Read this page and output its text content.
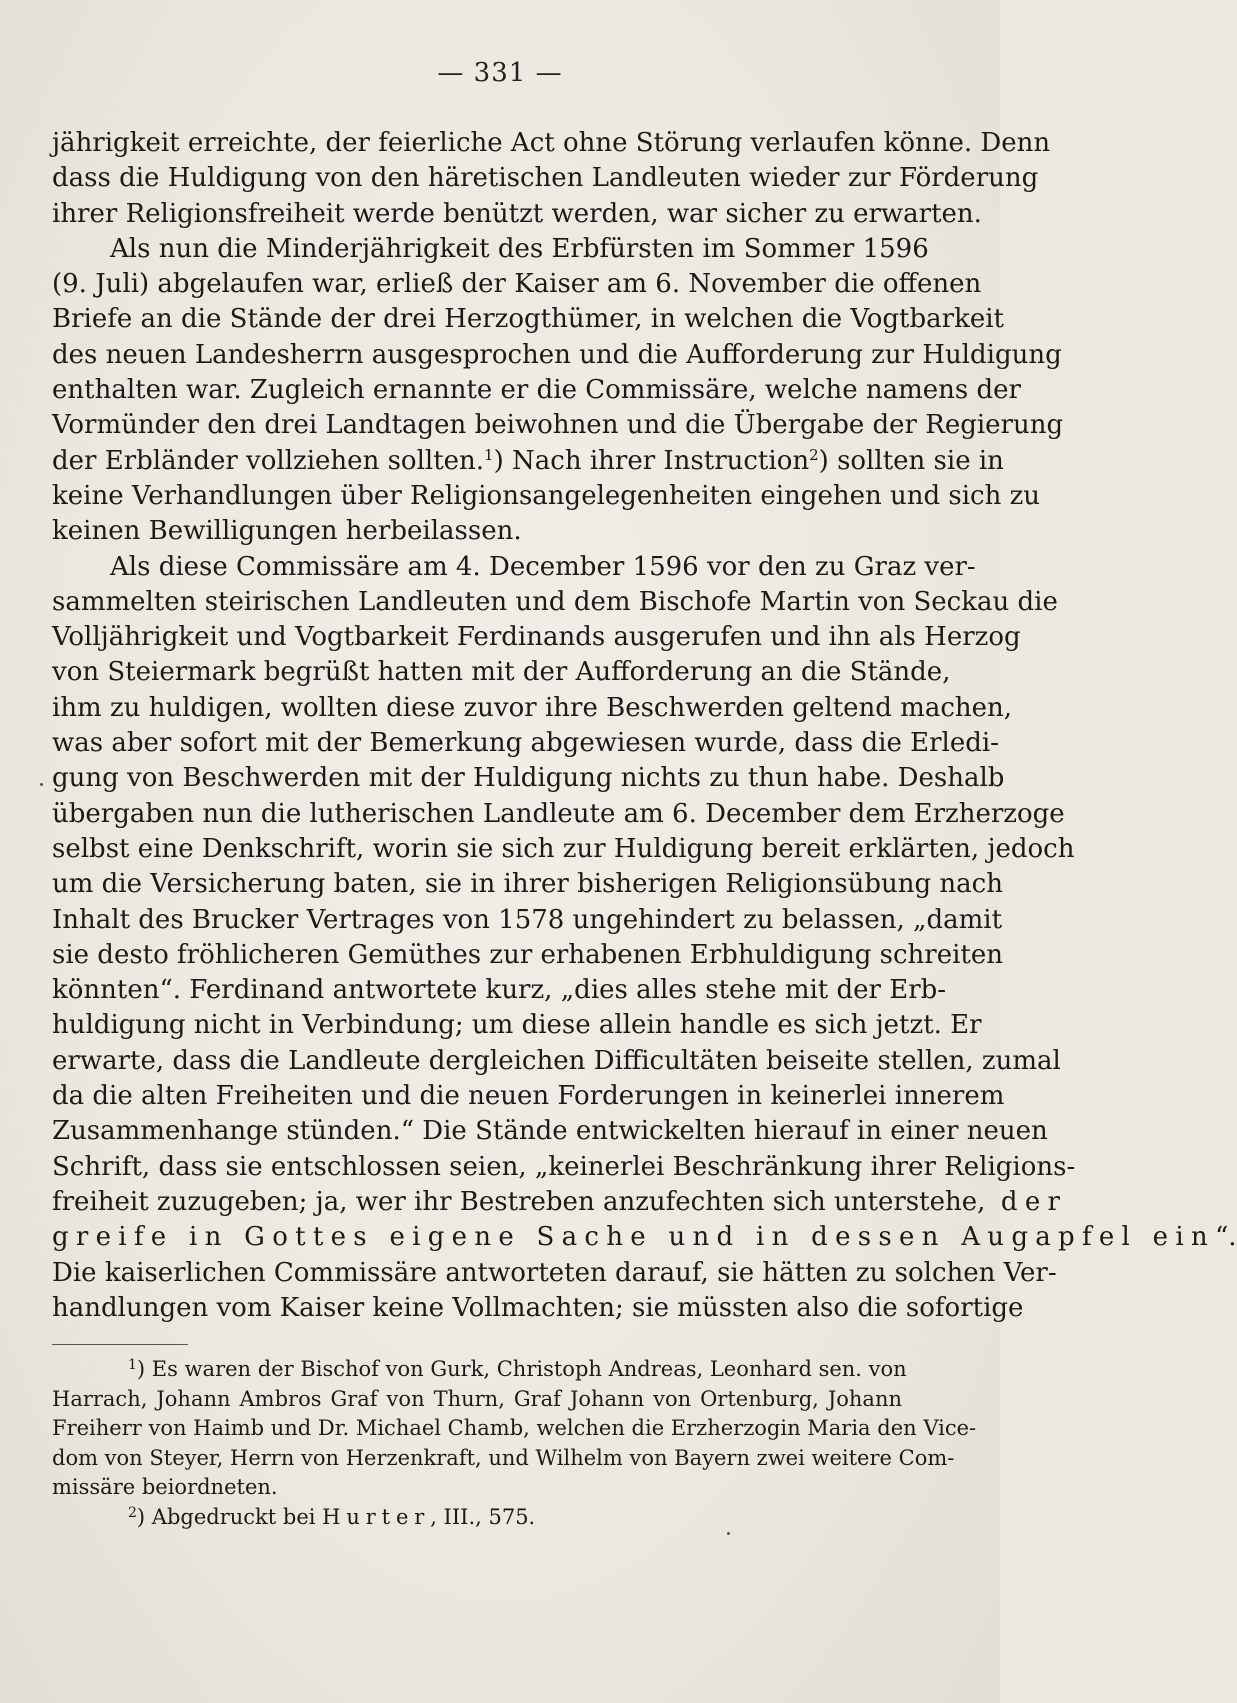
— 331 —
jährigkeit erreichte, der feierliche Act ohne Störung verlaufen könne. Denn
dass die Huldigung von den häretischen Landleuten wieder zur Förderung
ihrer Religionsfreiheit werde benützt werden, war sicher zu erwarten.
Als nun die Minderjährigkeit des Erbfürsten im Sommer 1596
(9. Juli) abgelaufen war, erließ der Kaiser am 6. November die offenen
Briefe an die Stände der drei Herzogthümer, in welchen die Vogtbarkeit
des neuen Landesherrn ausgesprochen und die Aufforderung zur Huldigung
enthalten war. Zugleich ernannte er die Commissäre, welche namens der
Vormünder den drei Landtagen beiwohnen und die Übergabe der Regierung
der Erbländer vollziehen sollten.$^1$) Nach ihrer Instruction$^2$) sollten sie in
keine Verhandlungen über Religionsangelegenheiten eingehen und sich zu
keinen Bewilligungen herbeilassen.
Als diese Commissäre am 4. December 1596 vor den zu Graz ver-
sammelten steirischen Landleuten und dem Bischofe Martin von Seckau die
Volljährigkeit und Vogtbarkeit Ferdinands ausgerufen und ihn als Herzog
von Steiermark begrüßt hatten mit der Aufforderung an die Stände,
ihm zu huldigen, wollten diese zuvor ihre Beschwerden geltend machen,
was aber sofort mit der Bemerkung abgewiesen wurde, dass die Erledi-
gung von Beschwerden mit der Huldigung nichts zu thun habe. Deshalb
übergaben nun die lutherischen Landleute am 6. December dem Erzherzoge
selbst eine Denkschrift, worin sie sich zur Huldigung bereit erklärten, jedoch
um die Versicherung baten, sie in ihrer bisherigen Religionsübung nach
Inhalt des Brucker Vertrages von 1578 ungehindert zu belassen, „damit
sie desto fröhlicheren Gemüthes zur erhabenen Erbhuldigung schreiten
könnten“. Ferdinand antwortete kurz, „dies alles stehe mit der Erb-
huldigung nicht in Verbindung; um diese allein handle es sich jetzt. Er
erwarte, dass die Landleute dergleichen Difficultäten beiseite stellen, zumal
da die alten Freiheiten und die neuen Forderungen in keinerlei innerem
Zusammenhange stünden.“ Die Stände entwickelten hierauf in einer neuen
Schrift, dass sie entschlossen seien, „keinerlei Beschränkung ihrer Religions-
freiheit zuzugeben; ja, wer ihr Bestreben anzufechten sich unterstehe, der
greife in Gottes eigene Sache und in dessen Augapfel ein“.
Die kaiserlichen Commissäre antworteten darauf, sie hätten zu solchen Ver-
handlungen vom Kaiser keine Vollmachten; sie müssten also die sofortige
$^1$) Es waren der Bischof von Gurk, Christoph Andreas, Leonhard sen. von
Harrach, Johann Ambros Graf von Thurn, Graf Johann von Ortenburg, Johann
Freiherr von Haimb und Dr. Michael Chamb, welchen die Erzherzogin Maria den Vice-
dom von Steyer, Herrn von Herzenkraft, und Wilhelm von Bayern zwei weitere Com-
missäre beiordneten.
$^2$) Abgedruckt bei Hurter, III., 575.
